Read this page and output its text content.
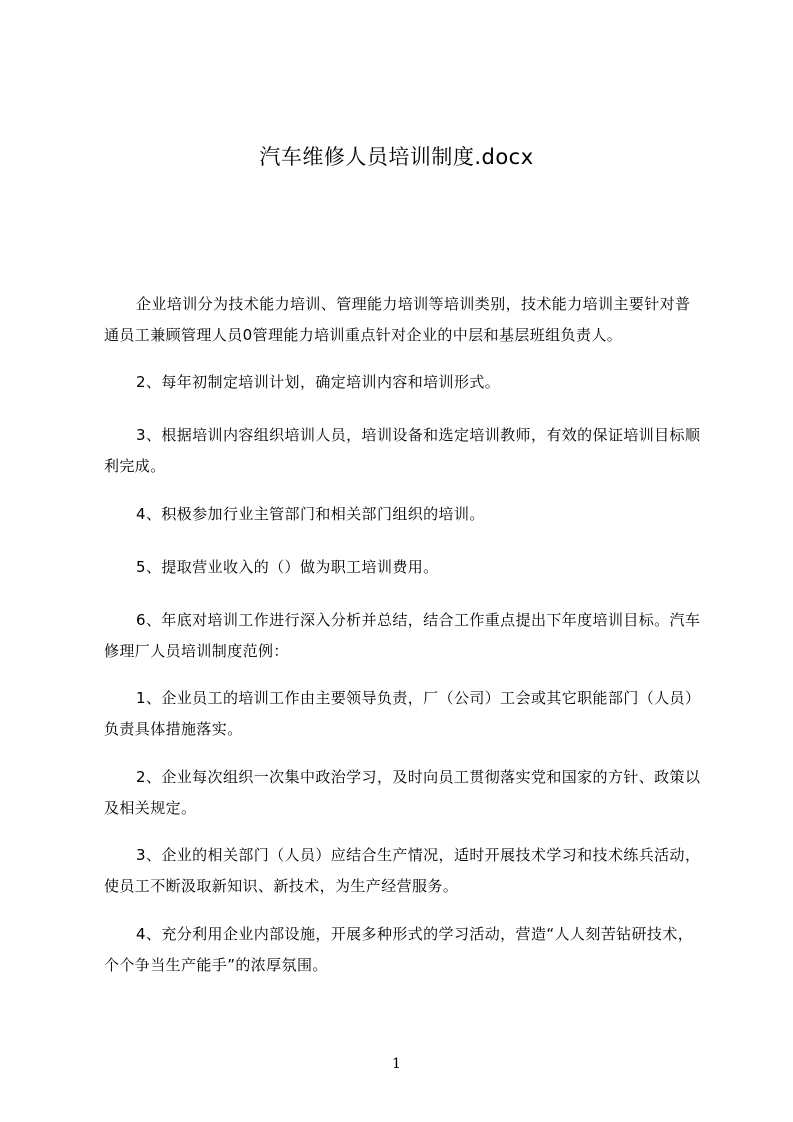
汽车维修人员培训制度.docx
企业培训分为技术能力培训、管理能力培训等培训类别，技术能力培训主要针对普通员工兼顾管理人员0管理能力培训重点针对企业的中层和基层班组负责人。
2、每年初制定培训计划，确定培训内容和培训形式。
3、根据培训内容组织培训人员，培训设备和选定培训教师，有效的保证培训目标顺利完成。
4、积极参加行业主管部门和相关部门组织的培训。
5、提取营业收入的（）做为职工培训费用。
6、年底对培训工作进行深入分析并总结，结合工作重点提出下年度培训目标。汽车修理厂人员培训制度范例：
1、企业员工的培训工作由主要领导负责，厂（公司）工会或其它职能部门（人员）负责具体措施落实。
2、企业每次组织一次集中政治学习，及时向员工贯彻落实党和国家的方针、政策以及相关规定。
3、企业的相关部门（人员）应结合生产情况，适时开展技术学习和技术练兵活动，使员工不断汲取新知识、新技术，为生产经营服务。
4、充分利用企业内部设施，开展多种形式的学习活动，营造“人人刻苦钻研技术，个个争当生产能手”的浓厚氛围。
1
